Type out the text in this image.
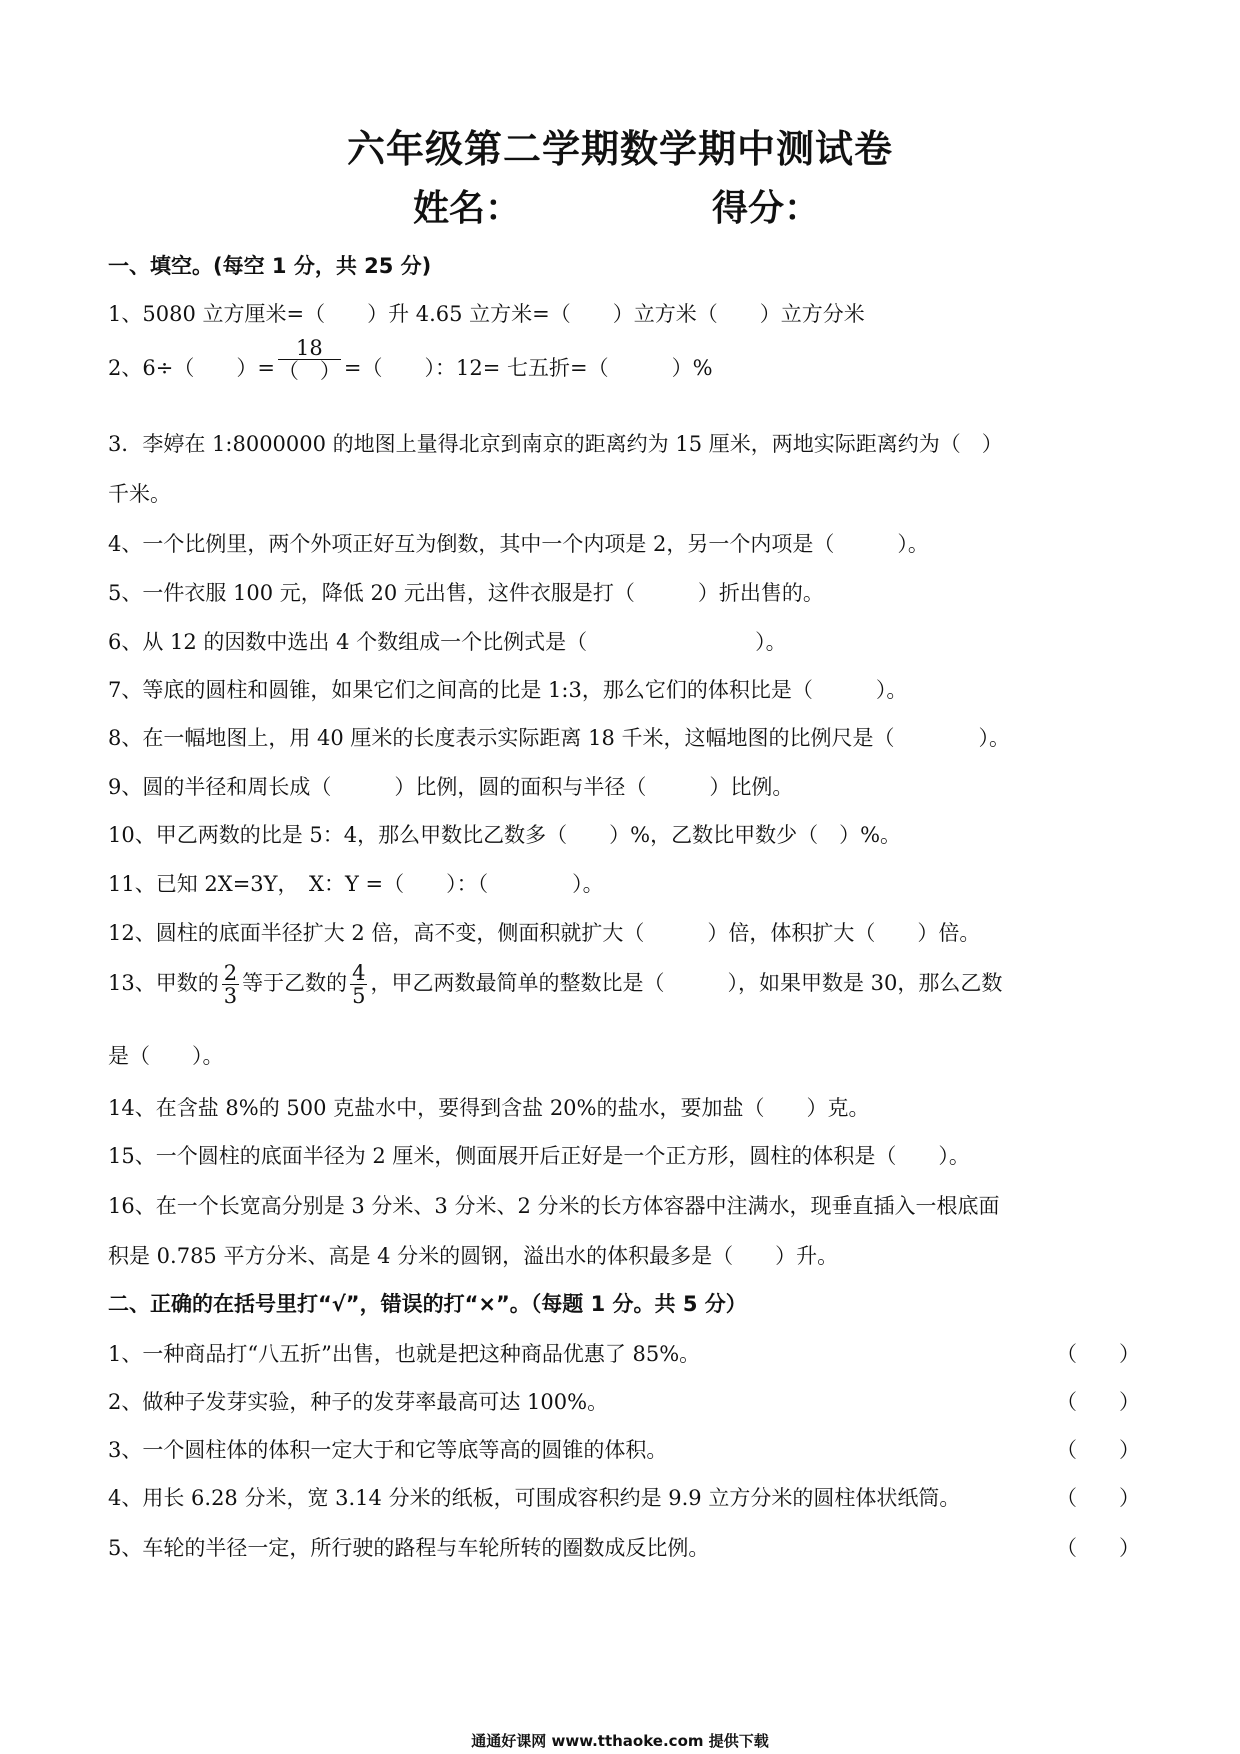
六年级第二学期数学期中测试卷
姓名：	得分：
一、填空。(每空 1 分，共 25 分)
1、5080 立方厘米=（　　）升 4.65 立方米=（　　）立方米（　　）立方分米
2、6÷（　　）= $\frac{18}{( )}$ =（　　）：12= 七五折=（　　　）%
3．李婷在 1:8000000 的地图上量得北京到南京的距离约为 15 厘米，两地实际距离约为（　）
千米。
4、一个比例里，两个外项正好互为倒数，其中一个内项是 2，另一个内项是（　　　）。
5、一件衣服 100 元，降低 20 元出售，这件衣服是打（　　　）折出售的。
6、从 12 的因数中选出 4 个数组成一个比例式是（　　　　　　　　）。
7、等底的圆柱和圆锥，如果它们之间高的比是 1:3，那么它们的体积比是（　　　）。
8、在一幅地图上，用 40 厘米的长度表示实际距离 18 千米，这幅地图的比例尺是（　　　　）。
9、圆的半径和周长成（　　　）比例，圆的面积与半径（　　　）比例。
10、甲乙两数的比是 5：4，那么甲数比乙数多（　　）%，乙数比甲数少（　）%。
11、已知 2X=3Y，　X：Y =（　　）：（　　　　）。
12、圆柱的底面半径扩大 2 倍，高不变，侧面积就扩大（　　　）倍，体积扩大（　　）倍。
13、甲数的 $\frac{2}{3}$ 等于乙数的 $\frac{4}{5}$ ，甲乙两数最简单的整数比是（　　　），如果甲数是 30，那么乙数
是（　　）。
14、在含盐 8%的 500 克盐水中，要得到含盐 20%的盐水，要加盐（　　）克。
15、一个圆柱的底面半径为 2 厘米，侧面展开后正好是一个正方形，圆柱的体积是（　　）。
16、在一个长宽高分别是 3 分米、3 分米、2 分米的长方体容器中注满水，现垂直插入一根底面
积是 0.785 平方分米、高是 4 分米的圆钢，溢出水的体积最多是（　　）升。
二、正确的在括号里打“√”，错误的打“×”。（每题 1 分。共 5 分）
1、一种商品打“八五折”出售，也就是把这种商品优惠了 85%。	（　　）
2、做种子发芽实验，种子的发芽率最高可达 100%。	（　　）
3、一个圆柱体的体积一定大于和它等底等高的圆锥的体积。	（　　）
4、用长 6.28 分米，宽 3.14 分米的纸板，可围成容积约是 9.9 立方分米的圆柱体状纸筒。	（　　）
5、车轮的半径一定，所行驶的路程与车轮所转的圈数成反比例。	（　　）
通通好课网 www.tthaoke.com 提供下载
